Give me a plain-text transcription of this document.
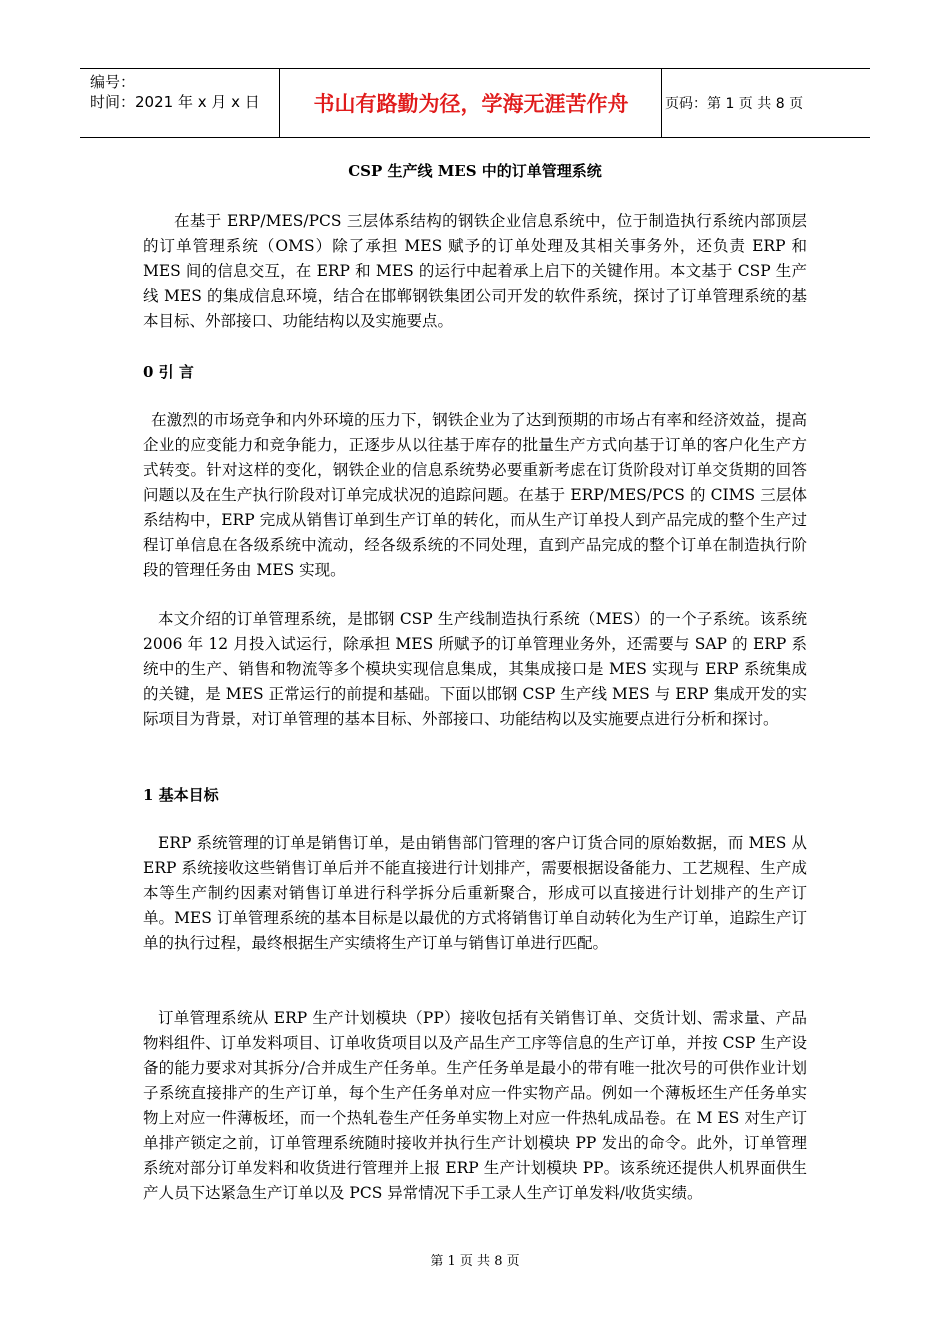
编号：
时间：2021 年 x 月 x 日	书山有路勤为径，学海无涯苦作舟	页码：第 1 页 共 8 页
CSP 生产线 MES 中的订单管理系统

在基于 ERP/MES/PCS 三层体系结构的钢铁企业信息系统中，位于制造执行系统内部顶层的订单管理系统（OMS）除了承担 MES 赋予的订单处理及其相关事务外，还负责 ERP 和 MES 间的信息交互，在 ERP 和 MES 的运行中起着承上启下的关键作用。本文基于 CSP 生产线 MES 的集成信息环境，结合在邯郸钢铁集团公司开发的软件系统，探讨了订单管理系统的基本目标、外部接口、功能结构以及实施要点。

0 引 言

在激烈的市场竞争和内外环境的压力下，钢铁企业为了达到预期的市场占有率和经济效益，提高企业的应变能力和竞争能力，正逐步从以往基于库存的批量生产方式向基于订单的客户化生产方式转变。针对这样的变化，钢铁企业的信息系统势必要重新考虑在订货阶段对订单交货期的回答问题以及在生产执行阶段对订单完成状况的追踪问题。在基于 ERP/MES/PCS 的 CIMS 三层体系结构中，ERP 完成从销售订单到生产订单的转化，而从生产订单投人到产品完成的整个生产过程订单信息在各级系统中流动，经各级系统的不同处理，直到产品完成的整个订单在制造执行阶段的管理任务由 MES 实现。

本文介绍的订单管理系统，是邯钢 CSP 生产线制造执行系统（MES）的一个子系统。该系统 2006 年 12 月投入试运行，除承担 MES 所赋予的订单管理业务外，还需要与 SAP 的 ERP 系统中的生产、销售和物流等多个模块实现信息集成，其集成接口是 MES 实现与 ERP 系统集成的关键，是 MES 正常运行的前提和基础。下面以邯钢 CSP 生产线 MES 与 ERP 集成开发的实际项目为背景，对订单管理的基本目标、外部接口、功能结构以及实施要点进行分析和探讨。

1 基本目标

ERP 系统管理的订单是销售订单，是由销售部门管理的客户订货合同的原始数据，而 MES 从 ERP 系统接收这些销售订单后并不能直接进行计划排产，需要根据设备能力、工艺规程、生产成本等生产制约因素对销售订单进行科学拆分后重新聚合，形成可以直接进行计划排产的生产订单。MES 订单管理系统的基本目标是以最优的方式将销售订单自动转化为生产订单，追踪生产订单的执行过程，最终根据生产实绩将生产订单与销售订单进行匹配。

订单管理系统从 ERP 生产计划模块（PP）接收包括有关销售订单、交货计划、需求量、产品物料组件、订单发料项目、订单收货项目以及产品生产工序等信息的生产订单，并按 CSP 生产设备的能力要求对其拆分/合并成生产任务单。生产任务单是最小的带有唯一批次号的可供作业计划子系统直接排产的生产订单，每个生产任务单对应一件实物产品。例如一个薄板坯生产任务单实物上对应一件薄板坯，而一个热轧卷生产任务单实物上对应一件热轧成品卷。在 M ES 对生产订单排产锁定之前，订单管理系统随时接收并执行生产计划模块 PP 发出的命令。此外，订单管理系统对部分订单发料和收货进行管理并上报 ERP 生产计划模块 PP。该系统还提供人机界面供生产人员下达紧急生产订单以及 PCS 异常情况下手工录人生产订单发料/收货实绩。

第 1 页 共 8 页
